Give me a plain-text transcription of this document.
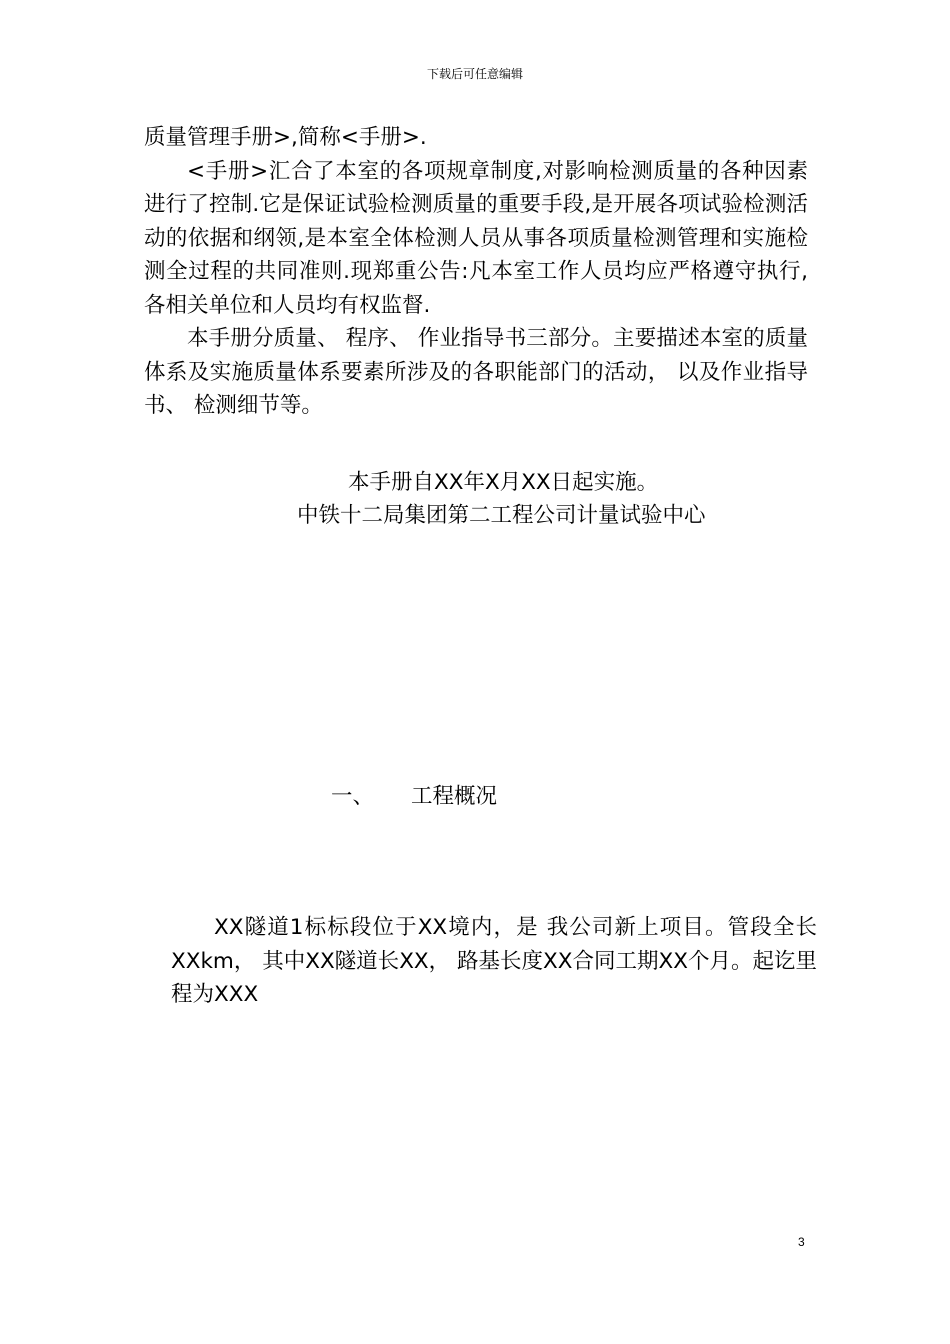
下载后可任意编辑

质量管理手册>,简称<手册>.

<手册>汇合了本室的各项规章制度,对影响检测质量的各种因素进行了控制.它是保证试验检测质量的重要手段,是开展各项试验检测活动的依据和纲领,是本室全体检测人员从事各项质量检测管理和实施检测全过程的共同准则.现郑重公告:凡本室工作人员均应严格遵守执行,各相关单位和人员均有权监督.

本手册分质量、 程序、 作业指导书三部分。主要描述本室的质量体系及实施质量体系要素所涉及的各职能部门的活动， 以及作业指导书、 检测细节等。

本手册自XX年X月XX日起实施。
中铁十二局集团第二工程公司计量试验中心
一、 工程概况

XX隧道1标标段位于XX境内，是 我公司新上项目。管段全长XXkm， 其中XX隧道长XX， 路基长度XX合同工期XX个月。起讫里程为XXX

3
